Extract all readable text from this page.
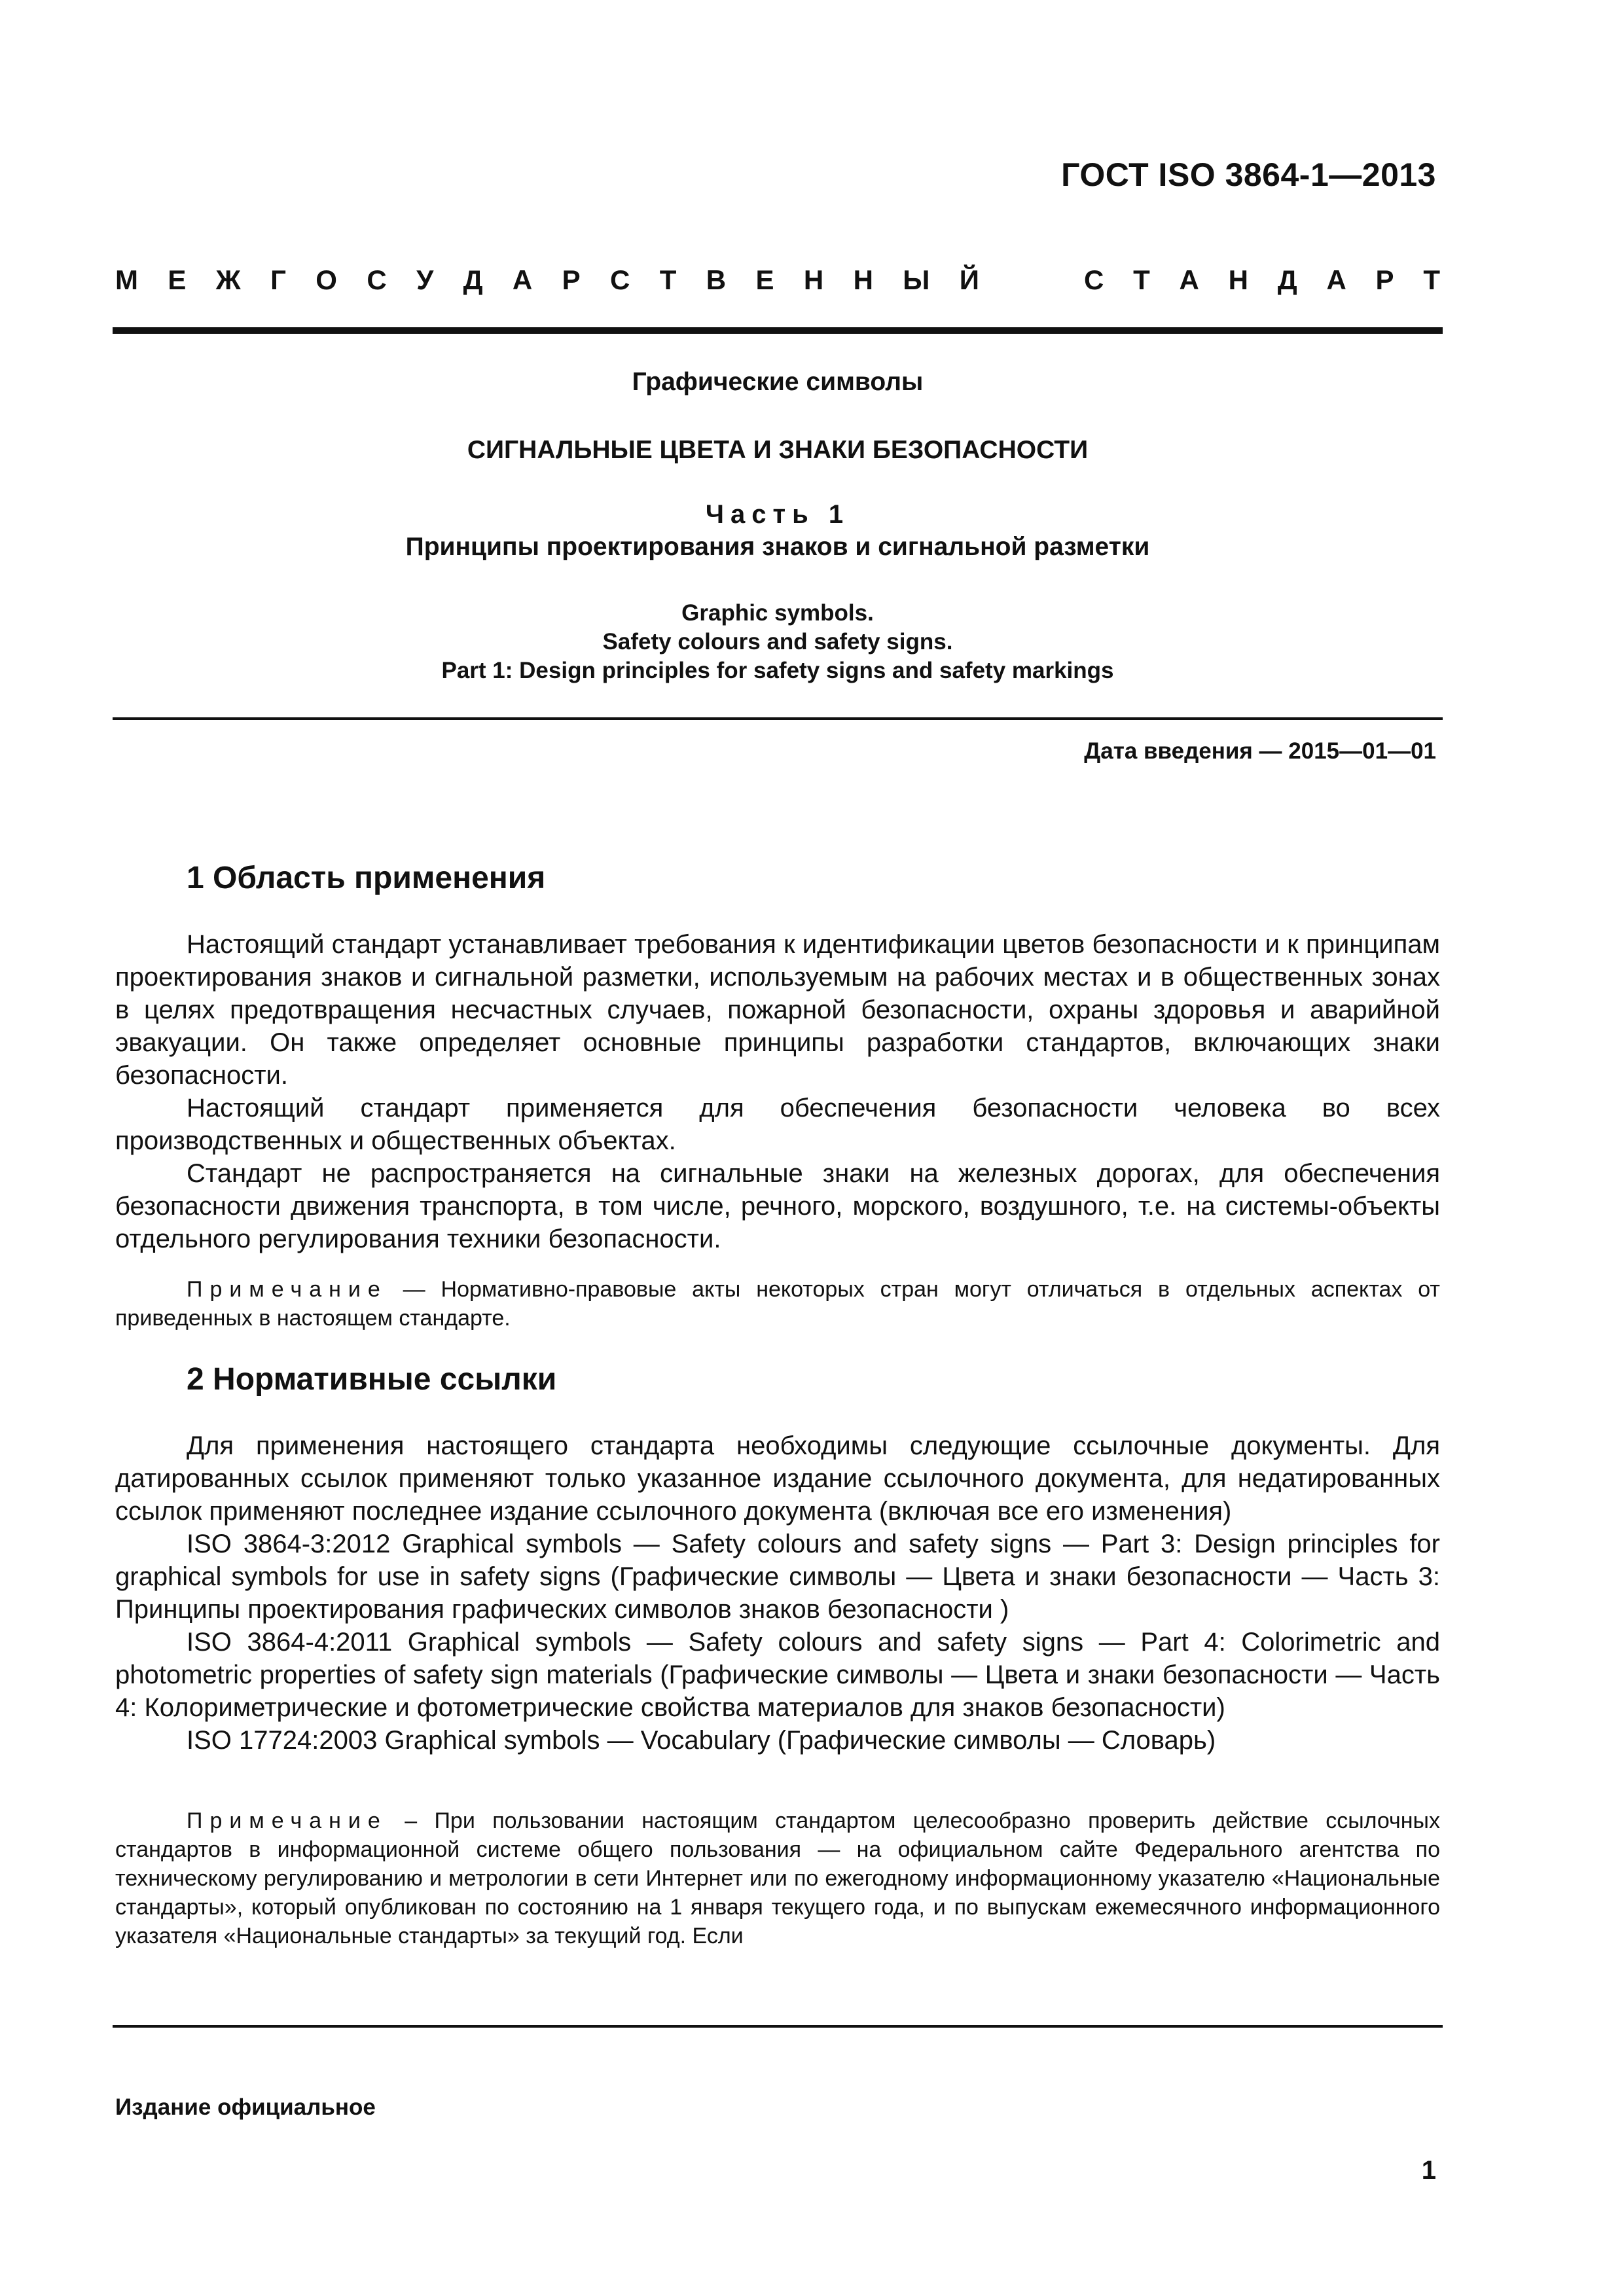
ГОСТ ISO 3864-1—2013
М Е Ж Г О С У Д А Р С Т В Е Н Н Ы Й	С Т А Н Д А Р Т
Графические символы
СИГНАЛЬНЫЕ ЦВЕТА И ЗНАКИ БЕЗОПАСНОСТИ
Часть 1
Принципы проектирования знаков и сигнальной разметки
Graphic symbols.
Safety colours and safety signs.
Part 1: Design principles for safety signs and safety markings
Дата введения — 2015—01—01
1 Область применения

Настоящий стандарт устанавливает требования к идентификации цветов безопасности и к принципам проектирования знаков и сигнальной разметки, используемым на рабочих местах и в общественных зонах в целях предотвращения несчастных случаев, пожарной безопасности, охраны здоровья и аварийной эвакуации. Он также определяет основные принципы разработки стандартов, включающих знаки безопасности.

Настоящий стандарт применяется для обеспечения безопасности человека во всех производственных и общественных объектах.

Стандарт не распространяется на сигнальные знаки на железных дорогах, для обеспечения безопасности движения транспорта, в том числе, речного, морского, воздушного, т.е. на системы-объекты отдельного регулирования техники безопасности.

Примечание — Нормативно-правовые акты некоторых стран могут отличаться в отдельных аспектах от приведенных в настоящем стандарте.
2 Нормативные ссылки

Для применения настоящего стандарта необходимы следующие ссылочные документы. Для датированных ссылок применяют только указанное издание ссылочного документа, для недатированных ссылок применяют последнее издание ссылочного документа (включая все его изменения)

ISO 3864-3:2012 Graphical symbols — Safety colours and safety signs — Part 3: Design principles for graphical symbols for use in safety signs (Графические символы — Цвета и знаки безопасности — Часть 3: Принципы проектирования графических символов знаков безопасности )

ISO 3864-4:2011 Graphical symbols — Safety colours and safety signs — Part 4: Colorimetric and photometric properties of safety sign materials (Графические символы — Цвета и знаки безопасности — Часть 4: Колориметрические и фотометрические свойства материалов для знаков безопасности)

ISO 17724:2003 Graphical symbols — Vocabulary (Графические символы — Словарь)

Примечание – При пользовании настоящим стандартом целесообразно проверить действие ссылочных стандартов в информационной системе общего пользования — на официальном сайте Федерального агентства по техническому регулированию и метрологии в сети Интернет или по ежегодному информационному указателю «Национальные стандарты», который опубликован по состоянию на 1 января текущего года, и по выпускам ежемесячного информационного указателя «Национальные стандарты» за текущий год. Если
Издание официальное
1
